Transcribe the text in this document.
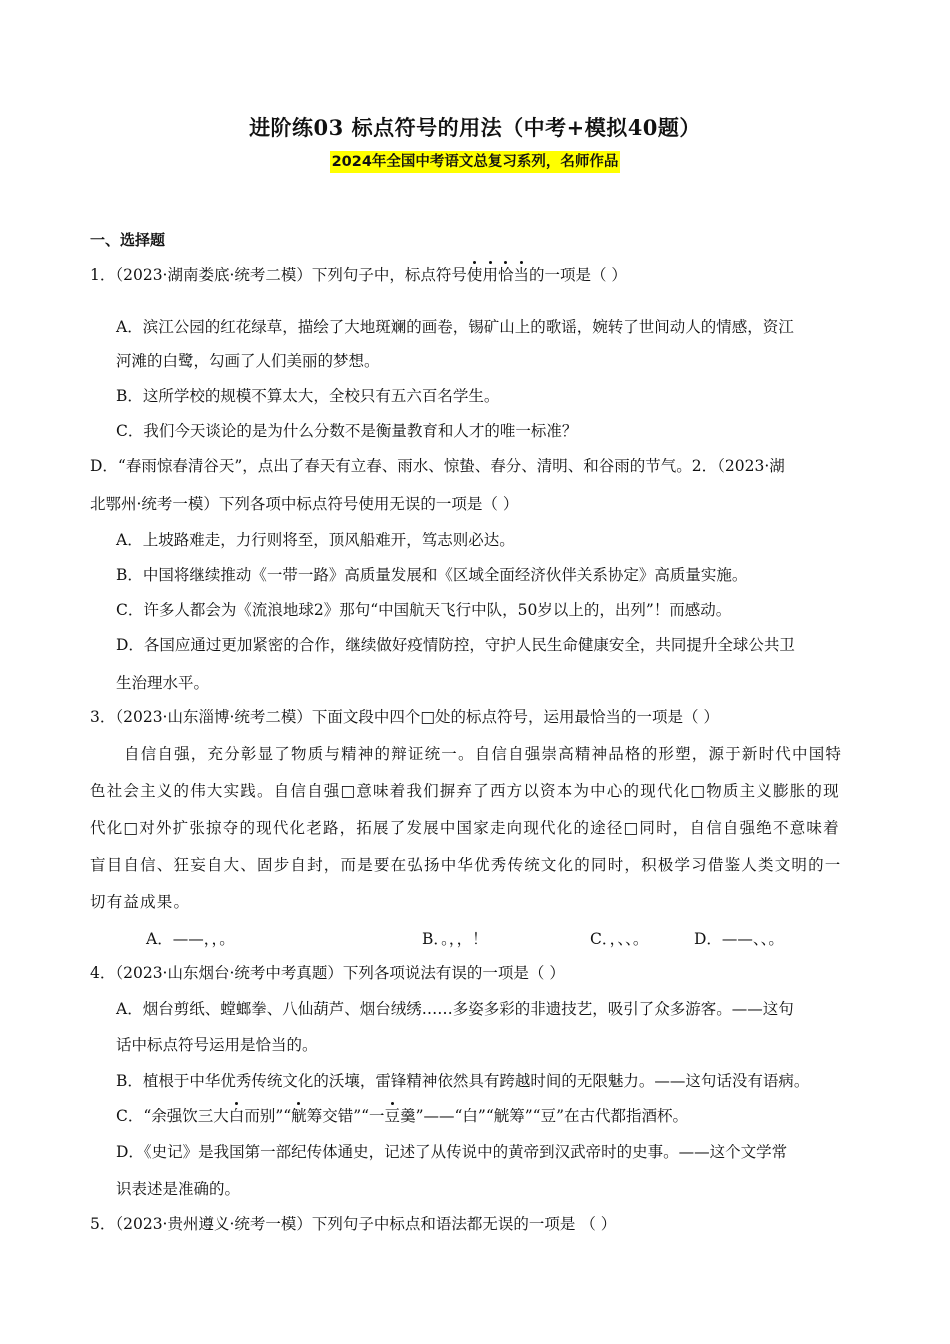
进阶练03 标点符号的用法（中考+模拟40题）
2024年全国中考语文总复习系列，名师作品
一、选择题
1．（2023·湖南娄底·统考二模）下列句子中，标点符号使用恰当的一项是（ ）
A．滨江公园的红花绿草，描绘了大地斑斓的画卷，锡矿山上的歌谣，婉转了世间动人的情感，资江
河滩的白鹭，勾画了人们美丽的梦想。
B．这所学校的规模不算太大，全校只有五六百名学生。
C．我们今天谈论的是为什么分数不是衡量教育和人才的唯一标准？
D．“春雨惊春清谷天”，点出了春天有立春、雨水、惊蛰、春分、清明、和谷雨的节气。2．（2023·湖
北鄂州·统考一模）下列各项中标点符号使用无误的一项是（ ）
A．上坡路难走，力行则将至，顶风船难开，笃志则必达。
B．中国将继续推动《一带一路》高质量发展和《区域全面经济伙伴关系协定》高质量实施。
C．许多人都会为《流浪地球2》那句“中国航天飞行中队，50岁以上的，出列”！而感动。
D．各国应通过更加紧密的合作，继续做好疫情防控，守护人民生命健康安全，共同提升全球公共卫
生治理水平。
3．（2023·山东淄博·统考二模）下面文段中四个□处的标点符号，运用最恰当的一项是（ ）
自信自强，充分彰显了物质与精神的辩证统一。自信自强崇高精神品格的形塑，源于新时代中国特
色社会主义的伟大实践。自信自强□意味着我们摒弃了西方以资本为中心的现代化□物质主义膨胀的现
代化□对外扩张掠夺的现代化老路，拓展了发展中国家走向现代化的途径□同时，自信自强绝不意味着
盲目自信、狂妄自大、固步自封，而是要在弘扬中华优秀传统文化的同时，积极学习借鉴人类文明的一
切有益成果。
A．——，，。	B．。，，！	C．，、、。	D．——、、。
4．（2023·山东烟台·统考中考真题）下列各项说法有误的一项是（ ）
A．烟台剪纸、螳螂拳、八仙葫芦、烟台绒绣……多姿多彩的非遗技艺，吸引了众多游客。——这句
话中标点符号运用是恰当的。
B．植根于中华优秀传统文化的沃壤，雷锋精神依然具有跨越时间的无限魅力。——这句话没有语病。
C．“余强饮三大白而别”“觥筹交错”“一豆羹”——“白”“觥筹”“豆”在古代都指酒杯。
D．《史记》是我国第一部纪传体通史，记述了从传说中的黄帝到汉武帝时的史事。——这个文学常
识表述是准确的。
5．（2023·贵州遵义·统考一模）下列句子中标点和语法都无误的一项是 （ ）
